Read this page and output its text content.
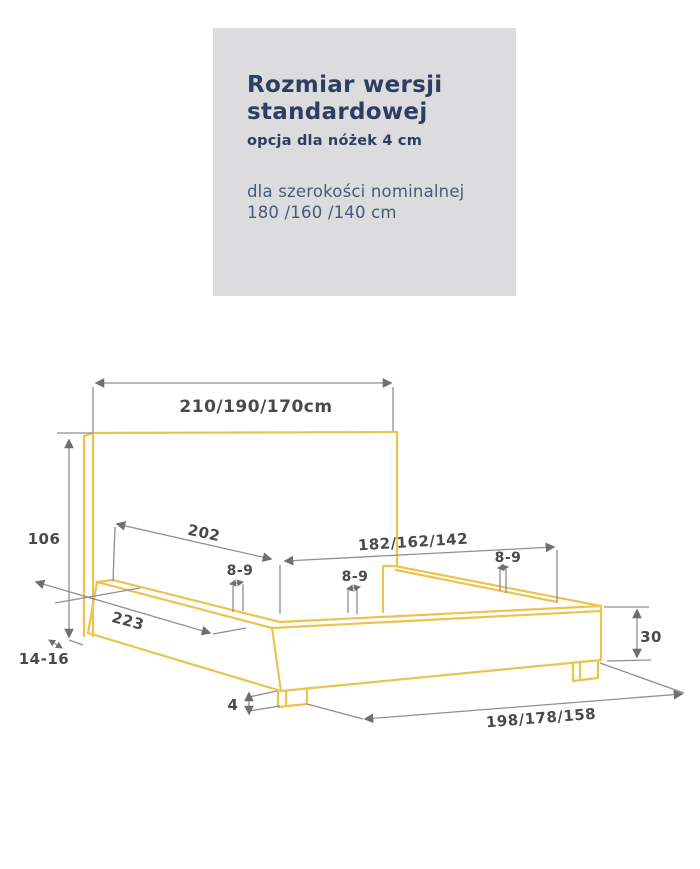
Rozmiar wersji
standardowej
opcja dla nóżek 4 cm
dla szerokości nominalnej
180 /160 /140 cm
210/190/170cm
106
14-16
202	182/162/142
8-9	8-9
8-9
223
30
4	198/178/158
